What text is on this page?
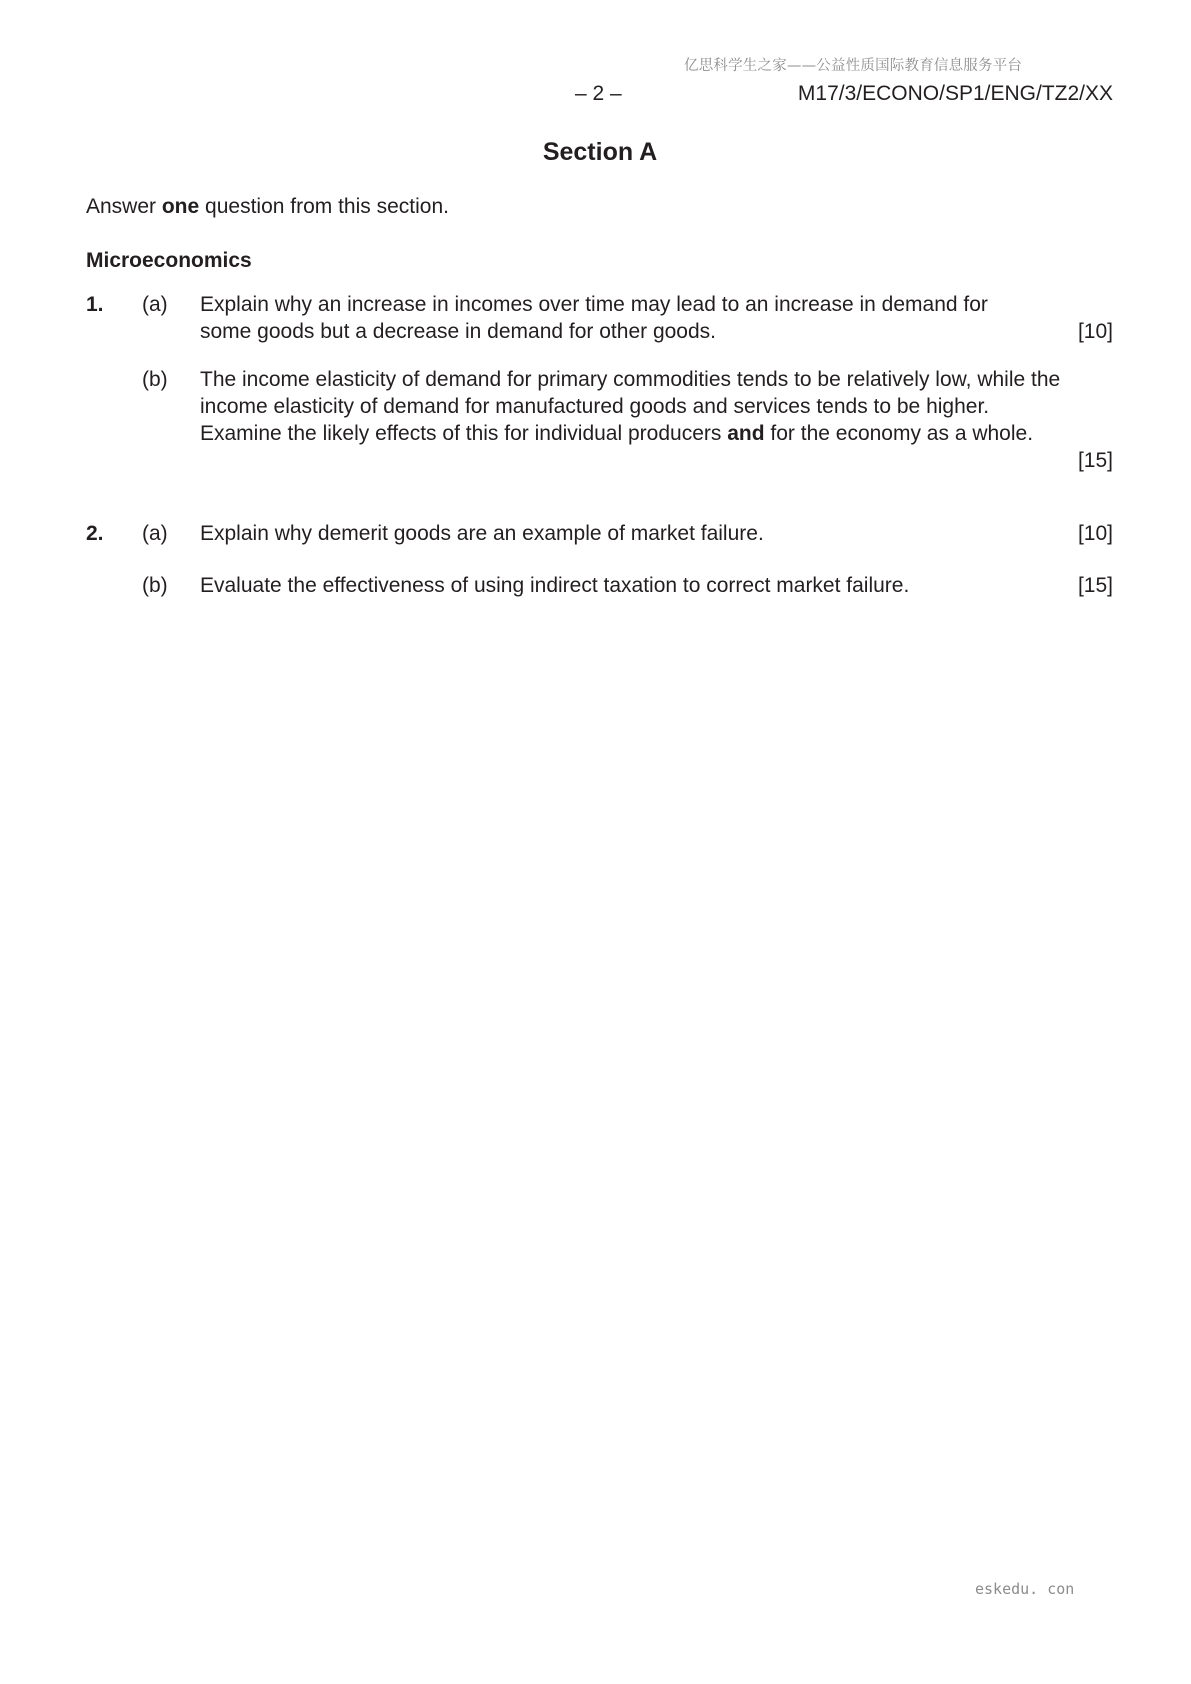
亿思科学生之家——公益性质国际教育信息服务平台
– 2 –	M17/3/ECONO/SP1/ENG/TZ2/XX
Section A
Answer one question from this section.
Microeconomics
1. (a) Explain why an increase in incomes over time may lead to an increase in demand for some goods but a decrease in demand for other goods.	[10]
(b) The income elasticity of demand for primary commodities tends to be relatively low, while the income elasticity of demand for manufactured goods and services tends to be higher. Examine the likely effects of this for individual producers and for the economy as a whole.
[15]
2. (a) Explain why demerit goods are an example of market failure.	[10]
(b) Evaluate the effectiveness of using indirect taxation to correct market failure.	[15]
eskedu. con
